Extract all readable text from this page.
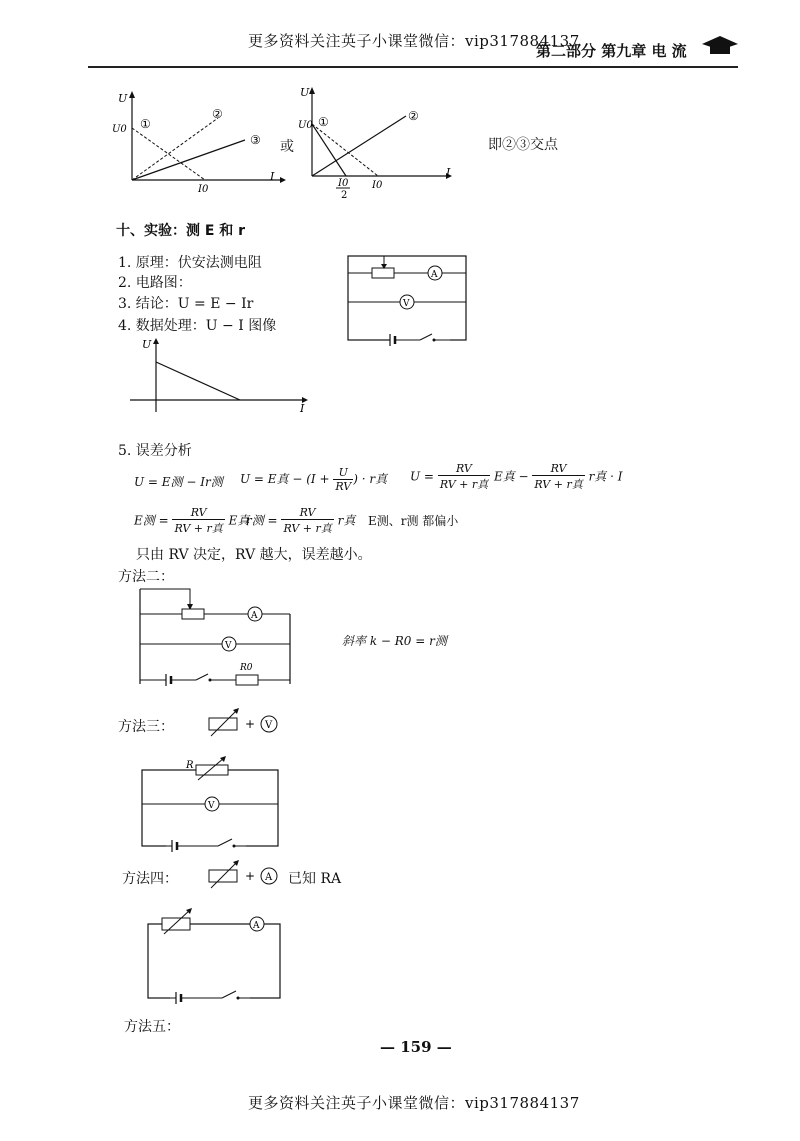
更多资料关注英子小课堂微信：vip317884137
第二部分 第九章 电 流
U
U0 ①
②
③
I
I0
或
U
U0 ①	②
I
I0
2
I0
即②③交点
十、实验：测 E 和 r
1. 原理：伏安法测电阻
2. 电路图：
3. 结论：U = E − Ir
4. 数据处理：U − I 图像
A
V
U
I
5. 误差分析
U = E测 − Ir测 U = E真 − ($I + \frac{U}{RV}$ ) · r真 $U = \frac{RV}{\text{RV + r真}}$ E真 − $\frac{RV}{\text{RV + r真}}$ r真 · I
E测 = $\frac{RV}{\text{RV + r真}}$ E真
r测 = $\frac{RV}{\text{RV + r真}}$ r真 E测、r测 都偏小
只由 RV 决定，RV 越大，误差越小。
方法二：
A
V
R0
斜率 k − R0 = r测
方法三：	+ V
R
V
方法四：	+ A 已知 RA
A
方法五：
— 159 —
更多资料关注英子小课堂微信：vip317884137
